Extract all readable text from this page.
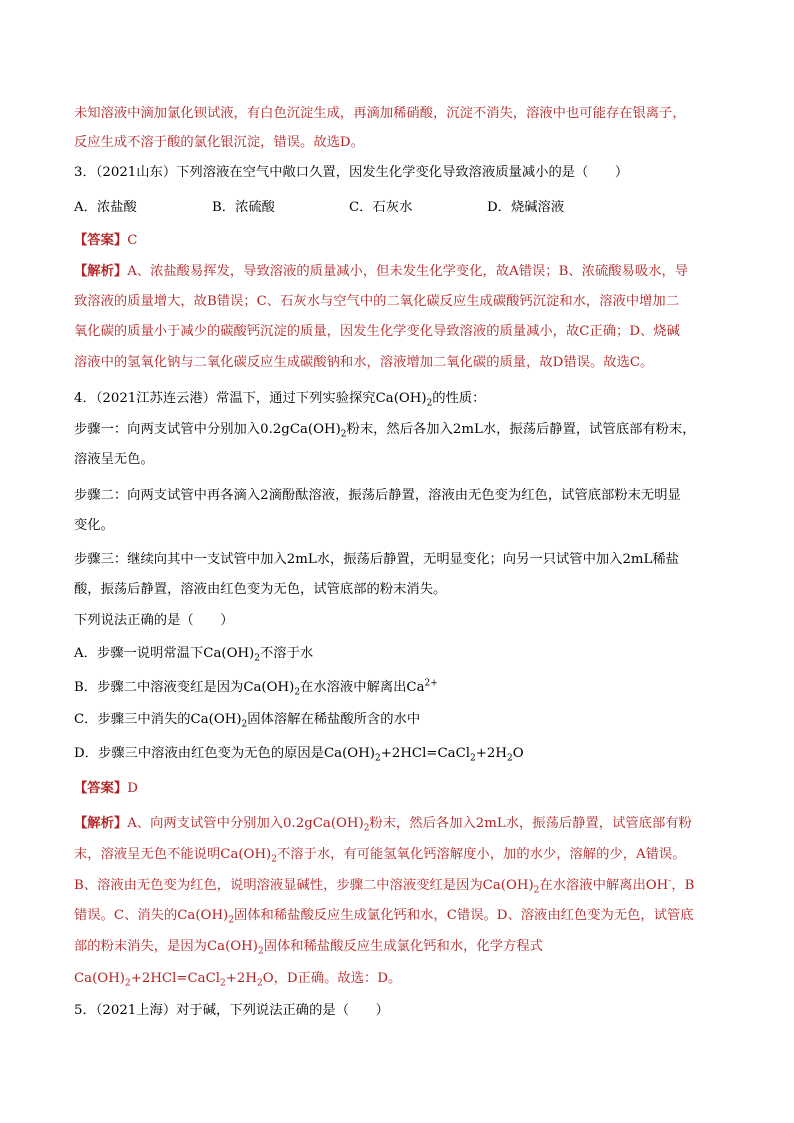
未知溶液中滴加氯化钡试液，有白色沉淀生成，再滴加稀硝酸，沉淀不消失，溶液中也可能存在银离子，
反应生成不溶于酸的氯化银沉淀，错误。故选D。
3．（2021山东）下列溶液在空气中敞口久置，因发生化学变化导致溶液质量减小的是（　　）
A．浓盐酸	B．浓硫酸	C．石灰水	D．烧碱溶液
【答案】C
【解析】A、浓盐酸易挥发，导致溶液的质量减小，但未发生化学变化，故A错误；B、浓硫酸易吸水，导
致溶液的质量增大，故B错误；C、石灰水与空气中的二氧化碳反应生成碳酸钙沉淀和水，溶液中增加二
氧化碳的质量小于减少的碳酸钙沉淀的质量，因发生化学变化导致溶液的质量减小，故C正确；D、烧碱
溶液中的氢氧化钠与二氧化碳反应生成碳酸钠和水，溶液增加二氧化碳的质量，故D错误。故选C。
4．（2021江苏连云港）常温下，通过下列实验探究$Ca(OH)_2$的性质：
步骤一：向两支试管中分别加入$0.2gCa(OH)_2$粉末，然后各加入2mL水，振荡后静置，试管底部有粉末，
溶液呈无色。
步骤二：向两支试管中再各滴入2滴酚酞溶液，振荡后静置，溶液由无色变为红色，试管底部粉末无明显
变化。
步骤三：继续向其中一支试管中加入2mL水，振荡后静置，无明显变化；向另一只试管中加入2mL稀盐
酸，振荡后静置，溶液由红色变为无色，试管底部的粉末消失。
下列说法正确的是（　　）
A．步骤一说明常温下$Ca(OH)_2$不溶于水
B．步骤二中溶液变红是因为$Ca(OH)_2$在水溶液中解离出$Ca^{2+}$
C．步骤三中消失的$Ca(OH)_2$固体溶解在稀盐酸所含的水中
D．步骤三中溶液由红色变为无色的原因是$Ca(OH)_2+2HCl=CaCl_2+2H_2O$
【答案】D
【解析】A、向两支试管中分别加入$0.2gCa(OH)_2$粉末，然后各加入2mL水，振荡后静置，试管底部有粉
末，溶液呈无色不能说明$Ca(OH)_2$不溶于水，有可能氢氧化钙溶解度小，加的水少，溶解的少，A错误。
B、溶液由无色变为红色，说明溶液显碱性，步骤二中溶液变红是因为$Ca(OH)_2$在水溶液中解离出OH-，B
错误。C、消失的$Ca(OH)_2$固体和稀盐酸反应生成氯化钙和水，C错误。D、溶液由红色变为无色，试管底
部的粉末消失，是因为$Ca(OH)_2$固体和稀盐酸反应生成氯化钙和水，化学方程式
$Ca(OH)_2+2HCl=CaCl_2+2H_2O$，D正确。故选：D。
5．（2021上海）对于碱，下列说法正确的是（　　）
